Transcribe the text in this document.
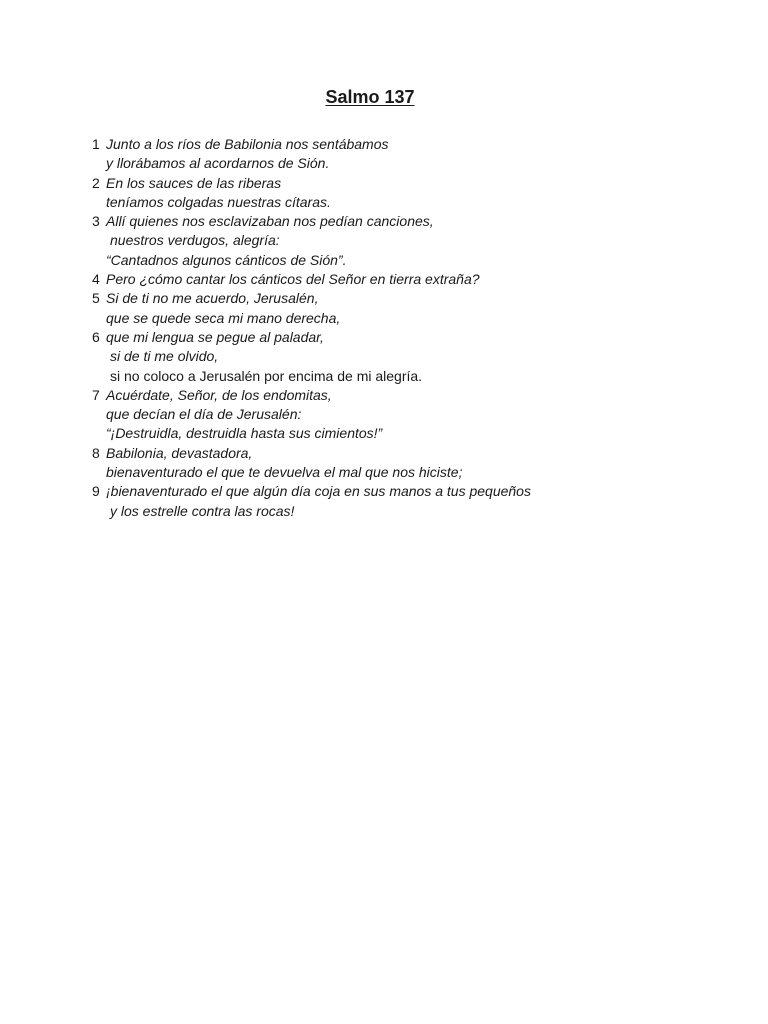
Salmo 137
1 Junto a los ríos de Babilonia nos sentábamos
y llorábamos al acordarnos de Sión.
2 En los sauces de las riberas
teníamos colgadas nuestras cítaras.
3 Allí quienes nos esclavizaban nos pedían canciones,
nuestros verdugos, alegría:
“Cantadnos algunos cánticos de Sión”.
4 Pero ¿cómo cantar los cánticos del Señor en tierra extraña?
5 Si de ti no me acuerdo, Jerusalén,
que se quede seca mi mano derecha,
6 que mi lengua se pegue al paladar,
si de ti me olvido,
si no coloco a Jerusalén por encima de mi alegría.
7 Acuérdate, Señor, de los endomitas,
que decían el día de Jerusalén:
“¡Destruidla, destruidla hasta sus cimientos!”
8 Babilonia, devastadora,
bienaventurado el que te devuelva el mal que nos hiciste;
9 ¡bienaventurado el que algún día coja en sus manos a tus pequeños
y los estrelle contra las rocas!
